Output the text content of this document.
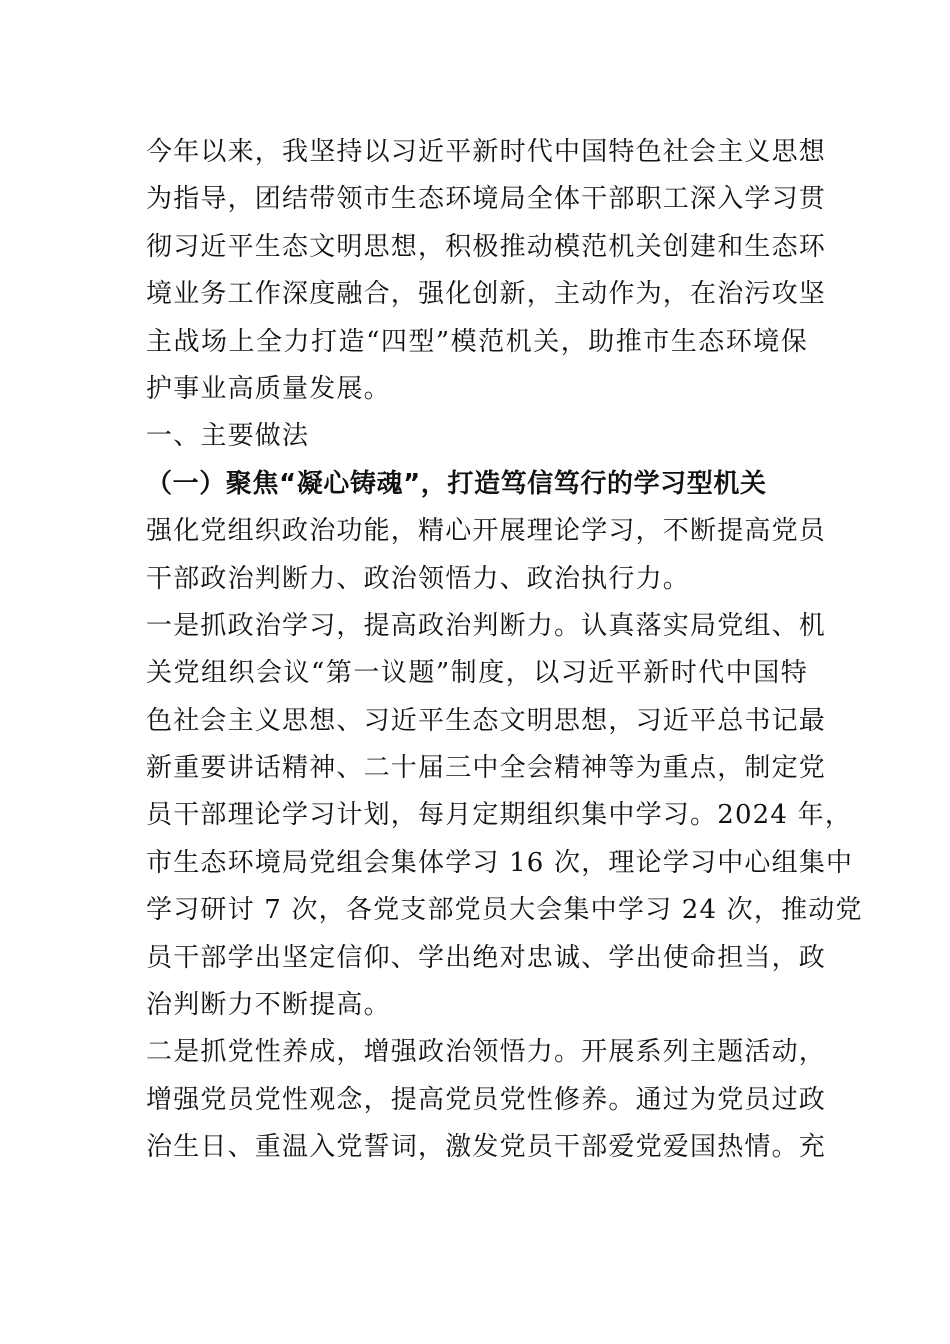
今年以来，我坚持以习近平新时代中国特色社会主义思想
为指导，团结带领市生态环境局全体干部职工深入学习贯
彻习近平生态文明思想，积极推动模范机关创建和生态环
境业务工作深度融合，强化创新，主动作为，在治污攻坚
主战场上全力打造“四型”模范机关，助推市生态环境保
护事业高质量发展。
一、主要做法
（一）聚焦“凝心铸魂”，打造笃信笃行的学习型机关
强化党组织政治功能，精心开展理论学习，不断提高党员
干部政治判断力、政治领悟力、政治执行力。
一是抓政治学习，提高政治判断力。认真落实局党组、机
关党组织会议“第一议题”制度，以习近平新时代中国特
色社会主义思想、习近平生态文明思想，习近平总书记最
新重要讲话精神、二十届三中全会精神等为重点，制定党
员干部理论学习计划，每月定期组织集中学习。2024 年，
市生态环境局党组会集体学习 16 次，理论学习中心组集中
学习研讨 7 次，各党支部党员大会集中学习 24 次，推动党
员干部学出坚定信仰、学出绝对忠诚、学出使命担当，政
治判断力不断提高。
二是抓党性养成，增强政治领悟力。开展系列主题活动，
增强党员党性观念，提高党员党性修养。通过为党员过政
治生日、重温入党誓词，激发党员干部爱党爱国热情。充
